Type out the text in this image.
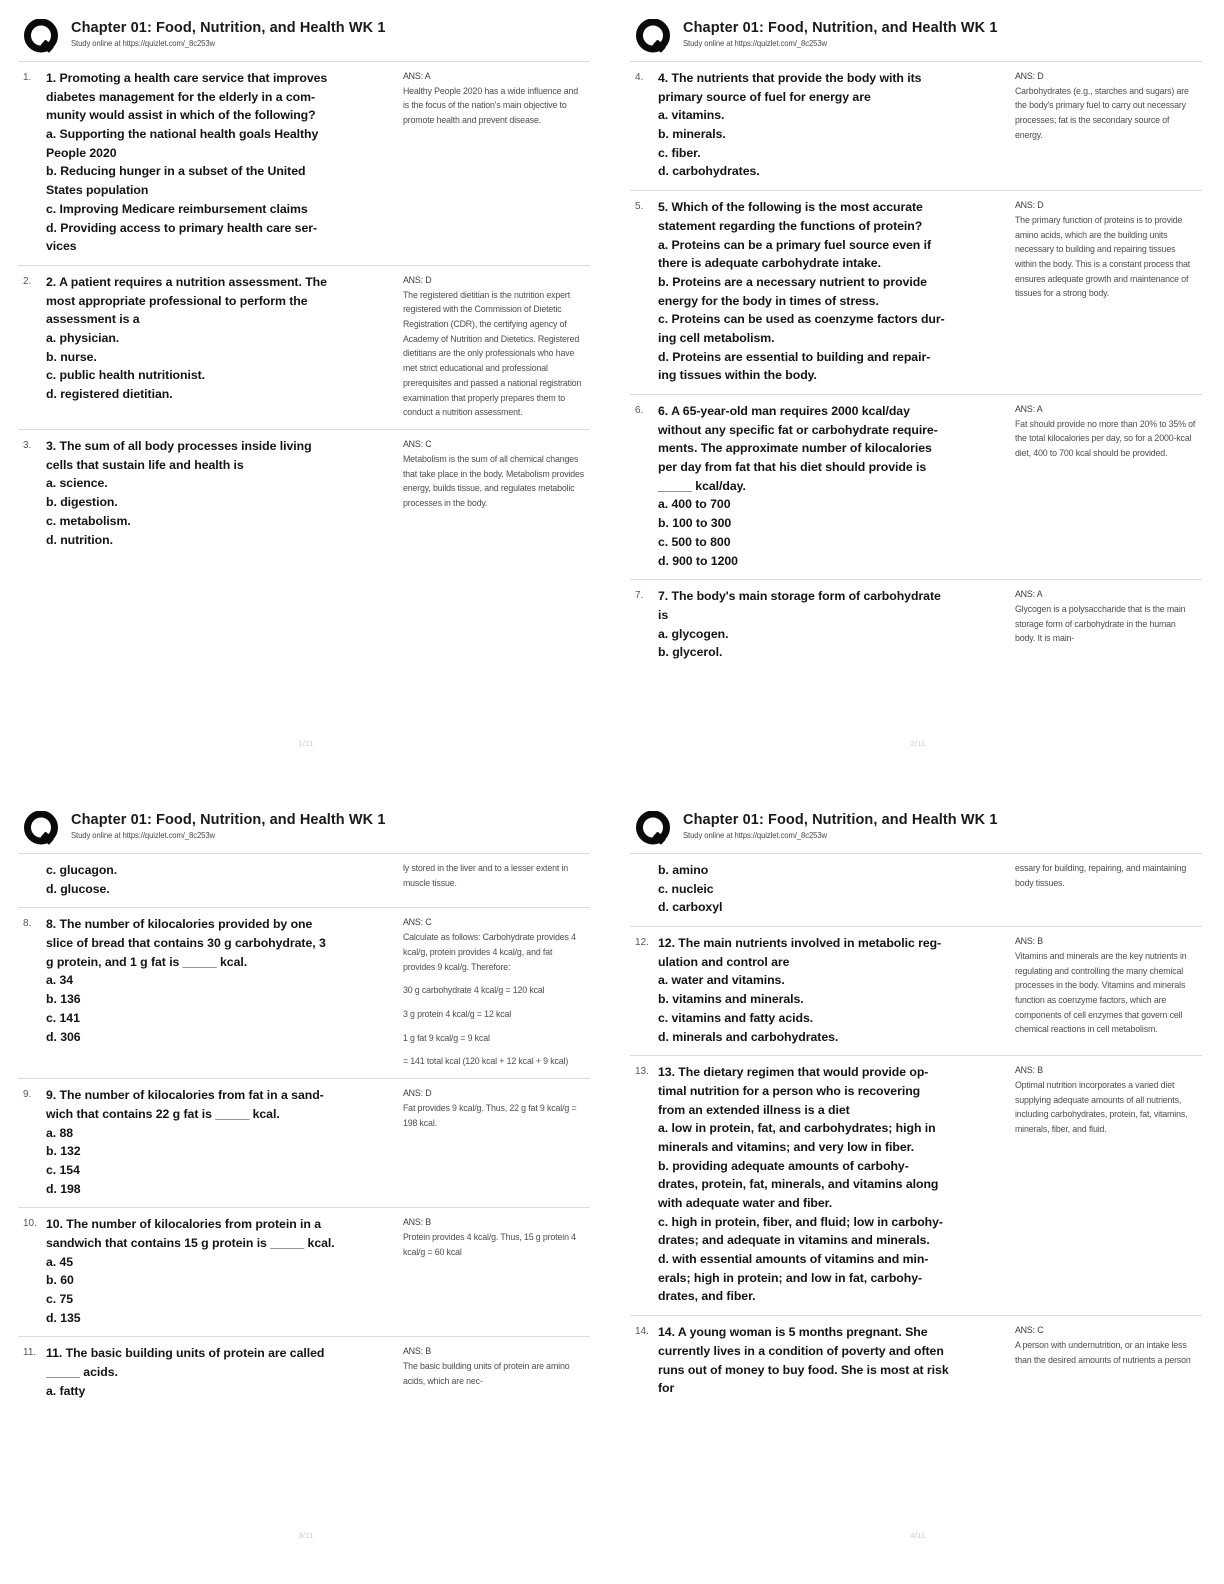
Chapter 01: Food, Nutrition, and Health WK 1
Study online at https://quizlet.com/_8c253w
1.	1. Promoting a health care service that improves
diabetes management for the elderly in a com-
munity would assist in which of the following?
a. Supporting the national health goals Healthy
People 2020
b. Reducing hunger in a subset of the United
States population
c. Improving Medicare reimbursement claims
d. Providing access to primary health care ser-
vices
ANS: A

Healthy People 2020 has a wide influence and is the focus of the nation's main objective to promote health and prevent disease.

2.	2. A patient requires a nutrition assessment. The
most appropriate professional to perform the
assessment is a
a. physician.
b. nurse.
c. public health nutritionist.
d. registered dietitian.
ANS: D

The registered dietitian is the nutrition expert registered with the Commission of Dietetic Registration (CDR), the certifying agency of Academy of Nutrition and Dietetics. Registered dietitians are the only professionals who have met strict educational and professional prerequisites and passed a national registration examination that properly prepares them to conduct a nutrition assessment.

3.	3. The sum of all body processes inside living
cells that sustain life and health is
a. science.
b. digestion.
c. metabolism.
d. nutrition.
ANS: C

Metabolism is the sum of all chemical changes that take place in the body. Metabolism provides energy, builds tissue, and regulates metabolic processes in the body.

1/11
Chapter 01: Food, Nutrition, and Health WK 1
Study online at https://quizlet.com/_8c253w
4.	4. The nutrients that provide the body with its
primary source of fuel for energy are
a. vitamins.
b. minerals.
c. fiber.
d. carbohydrates.
ANS: D

Carbohydrates (e.g., starches and sugars) are the body's primary fuel to carry out necessary processes; fat is the secondary source of energy.

5.	5. Which of the following is the most accurate
statement regarding the functions of protein?
a. Proteins can be a primary fuel source even if
there is adequate carbohydrate intake.
b. Proteins are a necessary nutrient to provide
energy for the body in times of stress.
c. Proteins can be used as coenzyme factors dur-
ing cell metabolism.
d. Proteins are essential to building and repair-
ing tissues within the body.
ANS: D

The primary function of proteins is to provide amino acids, which are the building units necessary to building and repairing tissues within the body. This is a constant process that ensures adequate growth and maintenance of tissues for a strong body.

6.	6. A 65-year-old man requires 2000 kcal/day
without any specific fat or carbohydrate require-
ments. The approximate number of kilocalories
per day from fat that his diet should provide is
_____ kcal/day.
a. 400 to 700
b. 100 to 300
c. 500 to 800
d. 900 to 1200
ANS: A

Fat should provide no more than 20% to 35% of the total kilocalories per day, so for a 2000-kcal diet, 400 to 700 kcal should be provided.

7.	7. The body's main storage form of carbohydrate
is
a. glycogen.
b. glycerol.
ANS: A

Glycogen is a polysaccharide that is the main storage form of carbohydrate in the human body. It is main-

2/11
Chapter 01: Food, Nutrition, and Health WK 1
Study online at https://quizlet.com/_8c253w
c. glucagon.
d. glucose.

ly stored in the liver and to a lesser extent in muscle tissue.

8.	8. The number of kilocalories provided by one
slice of bread that contains 30 g carbohydrate, 3
g protein, and 1 g fat is _____ kcal.
a. 34
b. 136
c. 141
d. 306
ANS: C

Calculate as follows: Carbohydrate provides 4 kcal/g, protein provides 4 kcal/g, and fat provides 9 kcal/g. Therefore:

30 g carbohydrate 4 kcal/g = 120 kcal

3 g protein 4 kcal/g = 12 kcal

1 g fat 9 kcal/g = 9 kcal

= 141 total kcal (120 kcal + 12 kcal + 9 kcal)

9.	9. The number of kilocalories from fat in a sand-
wich that contains 22 g fat is _____ kcal.
a. 88
b. 132
c. 154
d. 198
ANS: D

Fat provides 9 kcal/g. Thus, 22 g fat 9 kcal/g = 198 kcal.

10. 10. The number of kilocalories from protein in a
sandwich that contains 15 g protein is _____ kcal.
a. 45
b. 60
c. 75
d. 135
ANS: B

Protein provides 4 kcal/g. Thus, 15 g protein 4 kcal/g = 60 kcal

11. 11. The basic building units of protein are called
_____ acids.
a. fatty
ANS: B

The basic building units of protein are amino acids, which are nec-

3/11
Chapter 01: Food, Nutrition, and Health WK 1
Study online at https://quizlet.com/_8c253w
b. amino
c. nucleic
d. carboxyl

essary for building, repairing, and maintaining body tissues.

12. 12. The main nutrients involved in metabolic reg-
ulation and control are
a. water and vitamins.
b. vitamins and minerals.
c. vitamins and fatty acids.
d. minerals and carbohydrates.
ANS: B

Vitamins and minerals are the key nutrients in regulating and controlling the many chemical processes in the body. Vitamins and minerals function as coenzyme factors, which are components of cell enzymes that govern cell chemical reactions in cell metabolism.

13. 13. The dietary regimen that would provide op-
timal nutrition for a person who is recovering
from an extended illness is a diet
a. low in protein, fat, and carbohydrates; high in
minerals and vitamins; and very low in fiber.
b. providing adequate amounts of carbohy-
drates, protein, fat, minerals, and vitamins along
with adequate water and fiber.
c. high in protein, fiber, and fluid; low in carbohy-
drates; and adequate in vitamins and minerals.
d. with essential amounts of vitamins and min-
erals; high in protein; and low in fat, carbohy-
drates, and fiber.
ANS: B

Optimal nutrition incorporates a varied diet supplying adequate amounts of all nutrients, including carbohydrates, protein, fat, vitamins, minerals, fiber, and fluid.

14. 14. A young woman is 5 months pregnant. She
currently lives in a condition of poverty and often
runs out of money to buy food. She is most at risk
for
ANS: C

A person with undernutrition, or an intake less than the desired amounts of nutrients a person

4/11
